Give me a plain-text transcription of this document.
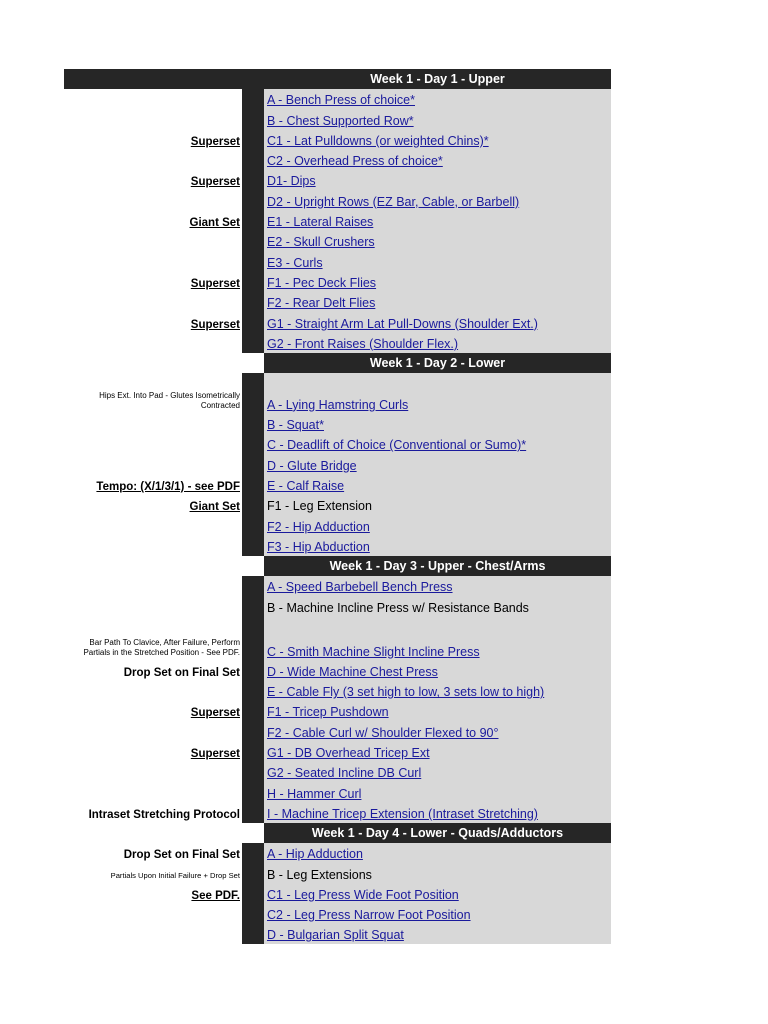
Week 1 - Day 1 - Upper
A - Bench Press of choice*
B - Chest Supported Row*
Superset C1 - Lat Pulldowns (or weighted Chins)*
C2 - Overhead Press of choice*
Superset D1- Dips
D2 - Upright Rows (EZ Bar, Cable, or Barbell)
Giant Set E1 - Lateral Raises
E2 - Skull Crushers
E3 - Curls
Superset F1 - Pec Deck Flies
F2 - Rear Delt Flies
Superset G1 - Straight Arm Lat Pull-Downs (Shoulder Ext.)
G2 - Front Raises (Shoulder Flex.)
Week 1 - Day 2 - Lower
Hips Ext. Into Pad - Glutes Isometrically Contracted A - Lying Hamstring Curls
B - Squat*
C - Deadlift of Choice (Conventional or Sumo)*
D - Glute Bridge
Tempo: (X/1/3/1) - see PDF E - Calf Raise
Giant Set F1 - Leg Extension
F2 - Hip Adduction
F3 - Hip Abduction
Week 1 - Day 3 - Upper - Chest/Arms
A - Speed Barbebell Bench Press
B - Machine Incline Press w/ Resistance Bands
Bar Path To Clavice, After Failure, Perform Partials in the Stretched Position - See PDF. C - Smith Machine Slight Incline Press
Drop Set on Final Set D - Wide Machine Chest Press
E - Cable Fly (3 set high to low, 3 sets low to high)
Superset F1 - Tricep Pushdown
F2 - Cable Curl w/ Shoulder Flexed to 90°
Superset G1 - DB Overhead Tricep Ext
G2 - Seated Incline DB Curl
H - Hammer Curl
Intraset Stretching Protocol I - Machine Tricep Extension (Intraset Stretching)
Week 1 - Day 4 - Lower - Quads/Adductors
Drop Set on Final Set A - Hip Adduction
Partials Upon Initial Failure + Drop Set B - Leg Extensions
See PDF. C1 - Leg Press Wide Foot Position
C2 - Leg Press Narrow Foot Position
D - Bulgarian Split Squat
